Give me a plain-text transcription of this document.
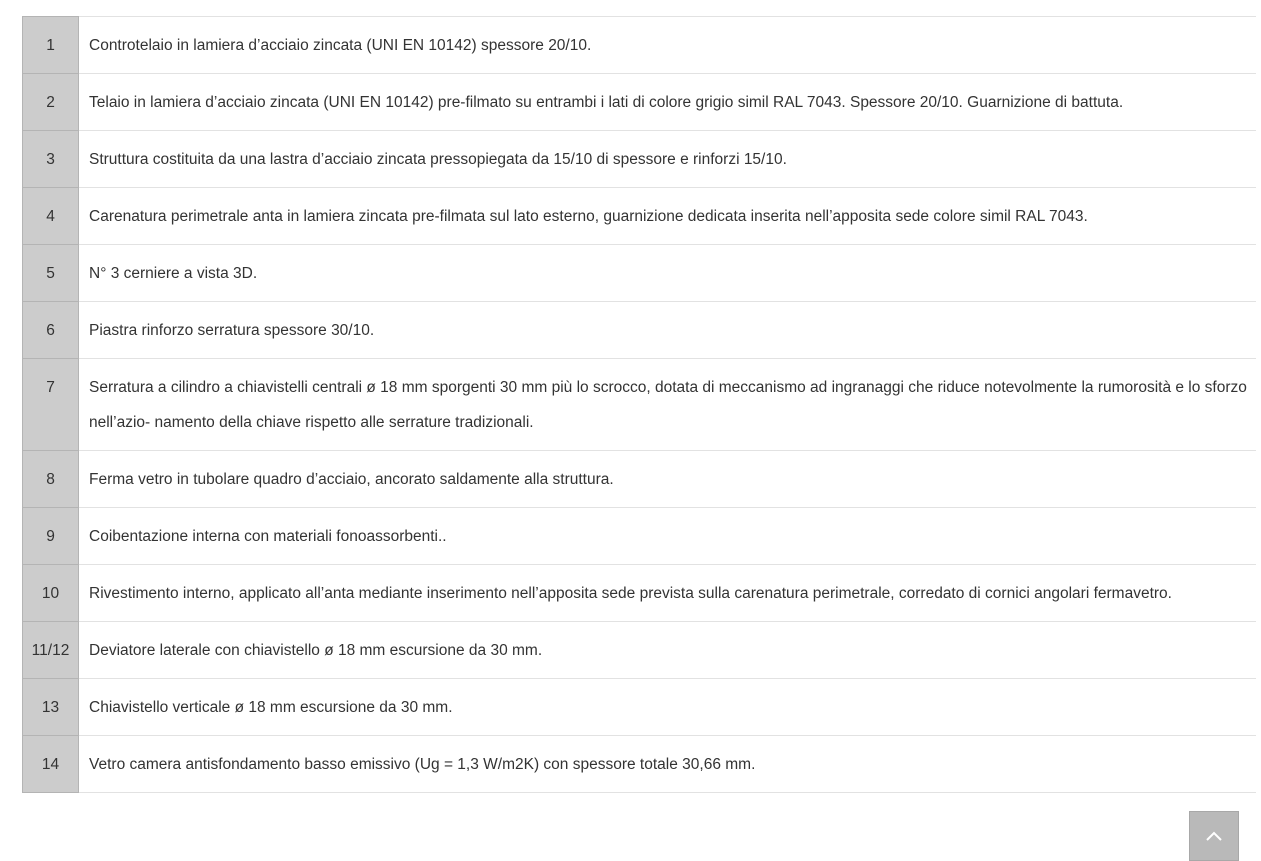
1	Controtelaio in lamiera d’acciaio zincata (UNI EN 10142) spessore 20/10.
2	Telaio in lamiera d’acciaio zincata (UNI EN 10142) pre-filmato su entrambi i lati di colore grigio simil RAL 7043. Spessore 20/10. Guarnizione di battuta.
3	Struttura costituita da una lastra d’acciaio zincata pressopiegata da 15/10 di spessore e rinforzi 15/10.
4	Carenatura perimetrale anta in lamiera zincata pre-filmata sul lato esterno, guarnizione dedicata inserita nell’apposita sede colore simil RAL 7043.
5	N° 3 cerniere a vista 3D.
6	Piastra rinforzo serratura spessore 30/10.
7	Serratura a cilindro a chiavistelli centrali ø 18 mm sporgenti 30 mm più lo scrocco, dotata di meccanismo ad ingranaggi che riduce notevolmente la rumorosità e lo sforzo nell’azio- namento della chiave rispetto alle serrature tradizionali.
8	Ferma vetro in tubolare quadro d’acciaio, ancorato saldamente alla struttura.
9	Coibentazione interna con materiali fonoassorbenti..
10	Rivestimento interno, applicato all’anta mediante inserimento nell’apposita sede prevista sulla carenatura perimetrale, corredato di cornici angolari fermavetro.
11/12	Deviatore laterale con chiavistello ø 18 mm escursione da 30 mm.
13	Chiavistello verticale ø 18 mm escursione da 30 mm.
14	Vetro camera antisfondamento basso emissivo (Ug = 1,3 W/m2K) con spessore totale 30,66 mm.
